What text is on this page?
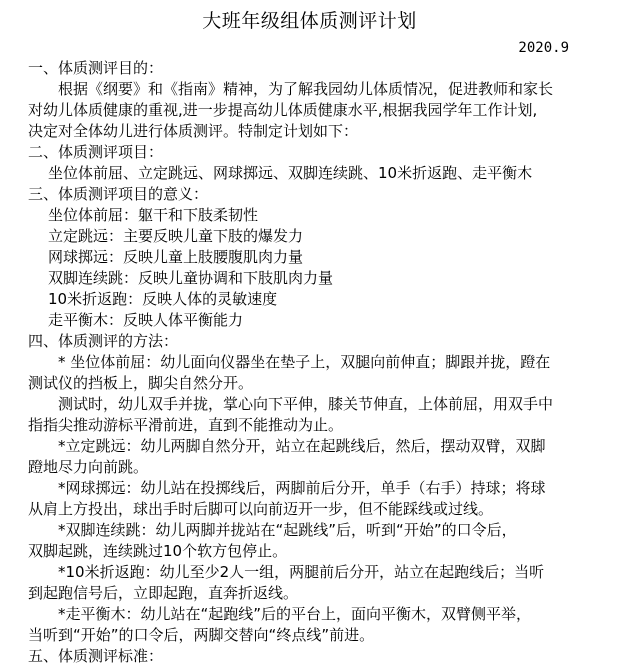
大班年级组体质测评计划
2020.9
一、体质测评目的：
根据《纲要》和《指南》精神，为了解我园幼儿体质情况，促进教师和家长
对幼儿体质健康的重视,进一步提高幼儿体质健康水平,根据我园学年工作计划,
决定对全体幼儿进行体质测评。特制定计划如下：
二、体质测评项目：
坐位体前屈、立定跳远、网球掷远、双脚连续跳、10米折返跑、走平衡木
三、体质测评项目的意义：
坐位体前屈：躯干和下肢柔韧性
立定跳远：主要反映儿童下肢的爆发力
网球掷远：反映儿童上肢腰腹肌肉力量
双脚连续跳：反映儿童协调和下肢肌肉力量
10米折返跑：反映人体的灵敏速度
走平衡木：反映人体平衡能力
四、体质测评的方法：
* 坐位体前屈：幼儿面向仪器坐在垫子上，双腿向前伸直；脚跟并拢，蹬在
测试仪的挡板上，脚尖自然分开。
测试时，幼儿双手并拢，掌心向下平伸，膝关节伸直，上体前屈，用双手中
指指尖推动游标平滑前进，直到不能推动为止。
*立定跳远：幼儿两脚自然分开，站立在起跳线后，然后，摆动双臂，双脚
蹬地尽力向前跳。
*网球掷远：幼儿站在投掷线后，两脚前后分开，单手（右手）持球；将球
从肩上方投出，球出手时后脚可以向前迈开一步，但不能踩线或过线。
*双脚连续跳：幼儿两脚并拢站在“起跳线”后，听到“开始”的口令后，
双脚起跳，连续跳过10个软方包停止。
*10米折返跑：幼儿至少2人一组，两腿前后分开，站立在起跑线后；当听
到起跑信号后，立即起跑，直奔折返线。
*走平衡木：幼儿站在“起跑线”后的平台上，面向平衡木，双臂侧平举，
当听到“开始”的口令后，两脚交替向“终点线”前进。
五、体质测评标准：
